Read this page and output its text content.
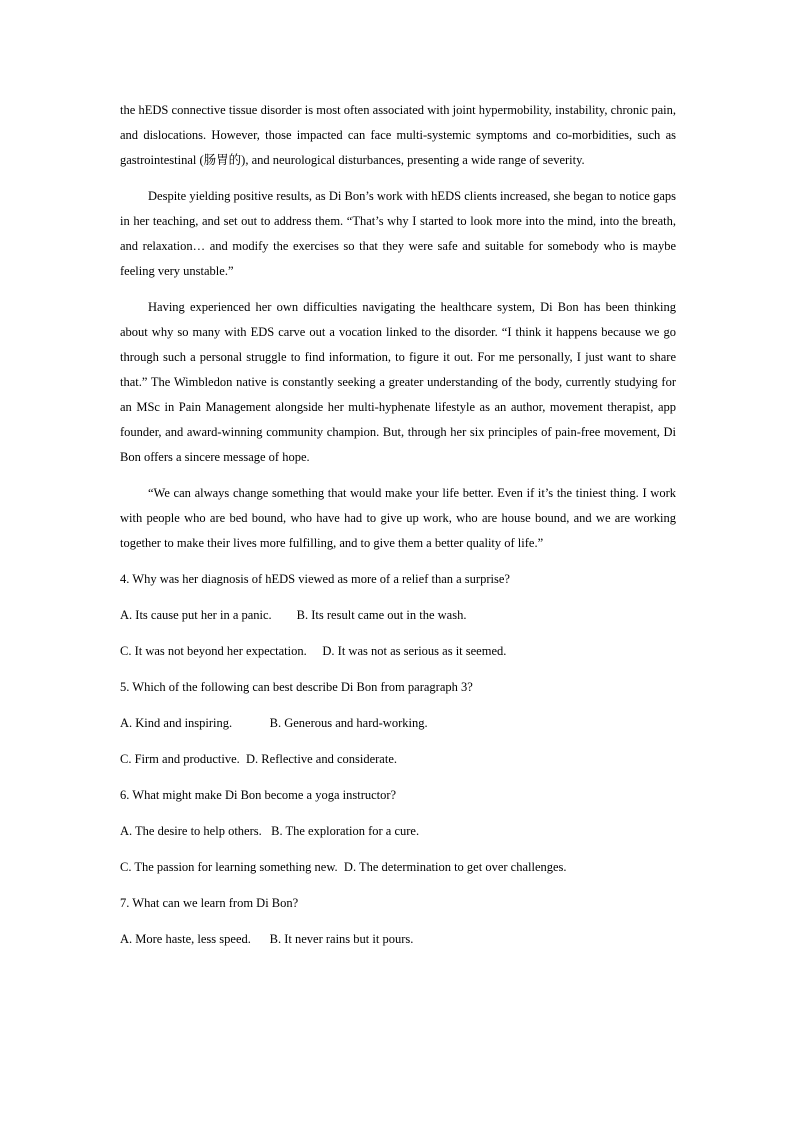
the hEDS connective tissue disorder is most often associated with joint hypermobility, instability, chronic pain, and dislocations. However, those impacted can face multi-systemic symptoms and co-morbidities, such as gastrointestinal (肠胃的), and neurological disturbances, presenting a wide range of severity.

Despite yielding positive results, as Di Bon’s work with hEDS clients increased, she began to notice gaps in her teaching, and set out to address them. “That’s why I started to look more into the mind, into the breath, and relaxation… and modify the exercises so that they were safe and suitable for somebody who is maybe feeling very unstable.”

Having experienced her own difficulties navigating the healthcare system, Di Bon has been thinking about why so many with EDS carve out a vocation linked to the disorder. “I think it happens because we go through such a personal struggle to find information, to figure it out. For me personally, I just want to share that.” The Wimbledon native is constantly seeking a greater understanding of the body, currently studying for an MSc in Pain Management alongside her multi-hyphenate lifestyle as an author, movement therapist, app founder, and award-winning community champion. But, through her six principles of pain-free movement, Di Bon offers a sincere message of hope.

“We can always change something that would make your life better. Even if it’s the tiniest thing. I work with people who are bed bound, who have had to give up work, who are house bound, and we are working together to make their lives more fulfilling, and to give them a better quality of life.”

4. Why was her diagnosis of hEDS viewed as more of a relief than a surprise?
A. Its cause put her in a panic.        B. Its result came out in the wash.
C. It was not beyond her expectation.     D. It was not as serious as it seemed.
5. Which of the following can best describe Di Bon from paragraph 3?
A. Kind and inspiring.            B. Generous and hard-working.
C. Firm and productive.  D. Reflective and considerate.
6. What might make Di Bon become a yoga instructor?
A. The desire to help others.   B. The exploration for a cure.
C. The passion for learning something new.  D. The determination to get over challenges.
7. What can we learn from Di Bon?
A. More haste, less speed.      B. It never rains but it pours.
